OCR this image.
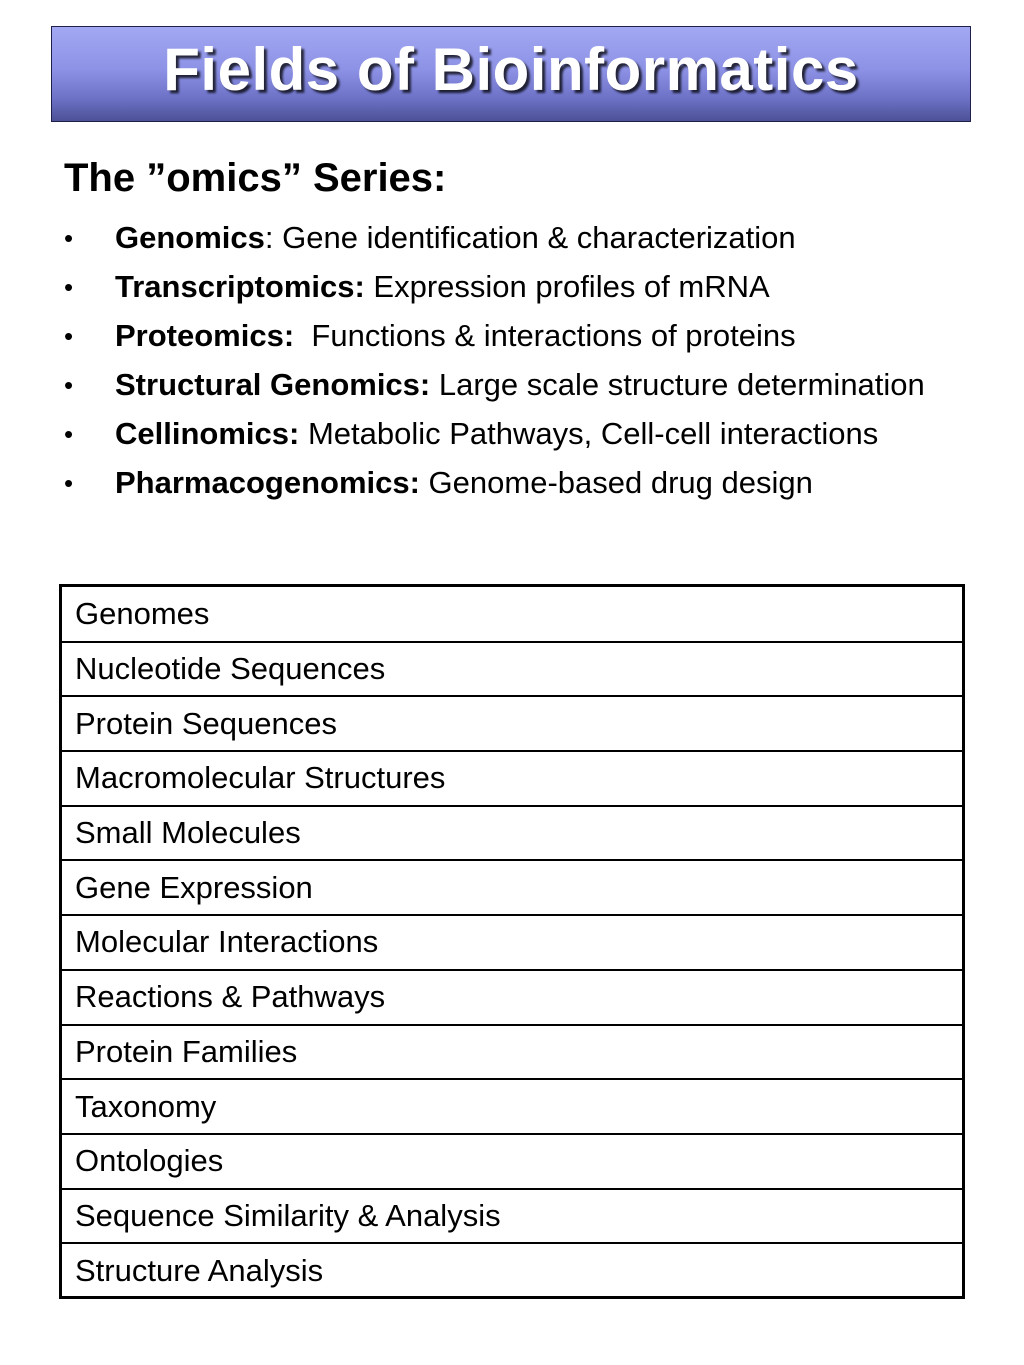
Fields of Bioinformatics
The ”omics” Series:
• Genomics: Gene identification & characterization
• Transcriptomics: Expression profiles of mRNA
• Proteomics:  Functions & interactions of proteins
• Structural Genomics: Large scale structure determination
• Cellinomics: Metabolic Pathways, Cell-cell interactions
• Pharmacogenomics: Genome-based drug design
Genomes
Nucleotide Sequences
Protein Sequences
Macromolecular Structures
Small Molecules
Gene Expression
Molecular Interactions
Reactions & Pathways
Protein Families
Taxonomy
Ontologies
Sequence Similarity & Analysis
Structure Analysis
